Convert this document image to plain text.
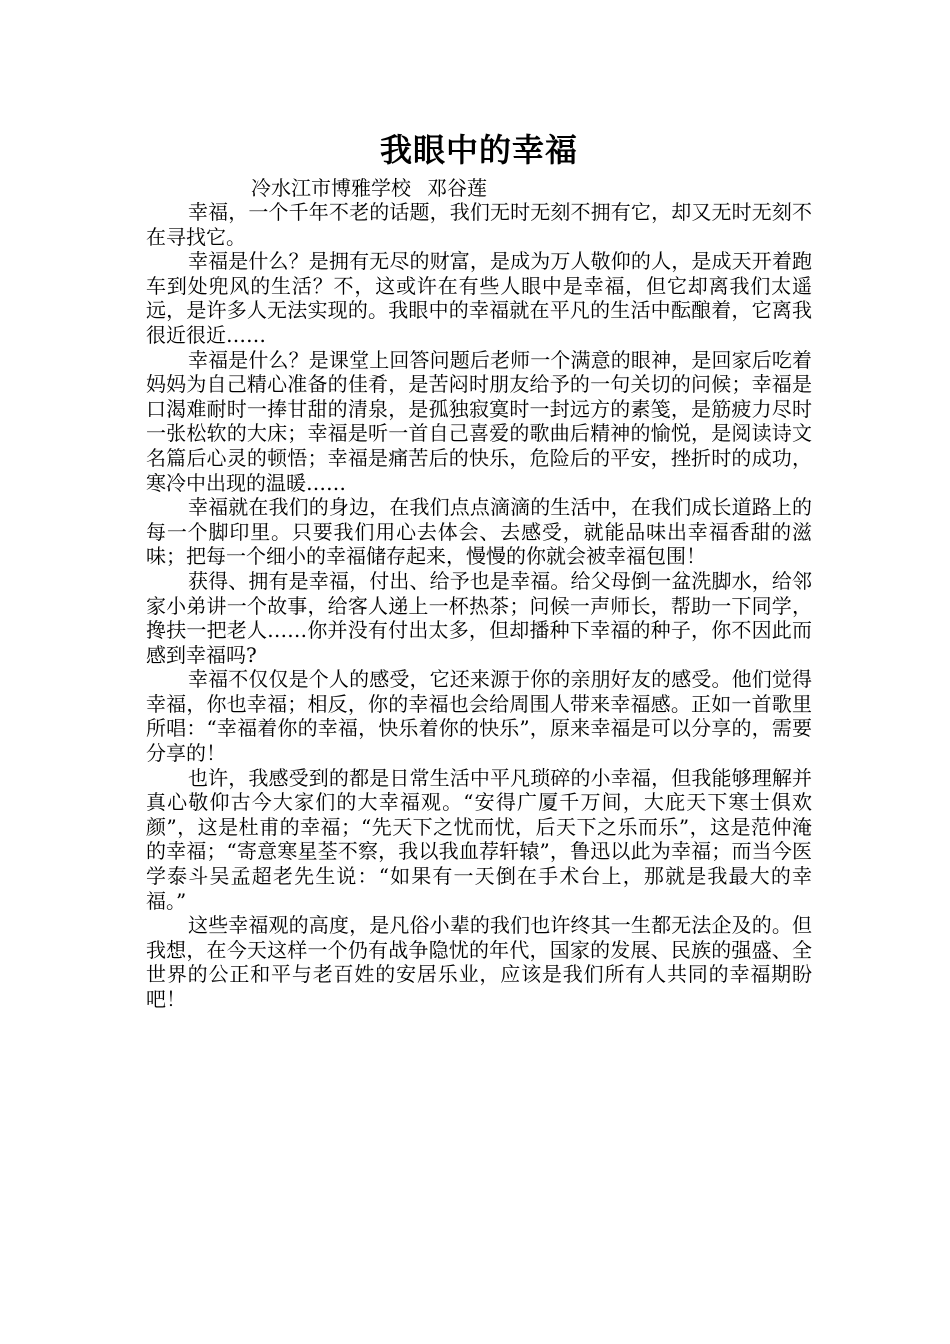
我眼中的幸福

冷水江市博雅学校 邓谷莲

幸福，一个千年不老的话题，我们无时无刻不拥有它，却又无时无刻不在寻找它。

幸福是什么？是拥有无尽的财富，是成为万人敬仰的人，是成天开着跑车到处兜风的生活？不，这或许在有些人眼中是幸福，但它却离我们太遥远，是许多人无法实现的。我眼中的幸福就在平凡的生活中酝酿着，它离我很近很近……

幸福是什么？是课堂上回答问题后老师一个满意的眼神，是回家后吃着妈妈为自己精心准备的佳肴，是苦闷时朋友给予的一句关切的问候；幸福是口渴难耐时一捧甘甜的清泉，是孤独寂寞时一封远方的素笺，是筋疲力尽时一张松软的大床；幸福是听一首自己喜爱的歌曲后精神的愉悦，是阅读诗文名篇后心灵的顿悟；幸福是痛苦后的快乐，危险后的平安，挫折时的成功，寒冷中出现的温暖……

幸福就在我们的身边，在我们点点滴滴的生活中，在我们成长道路上的每一个脚印里。只要我们用心去体会、去感受，就能品味出幸福香甜的滋味；把每一个细小的幸福储存起来，慢慢的你就会被幸福包围！

获得、拥有是幸福，付出、给予也是幸福。给父母倒一盆洗脚水，给邻家小弟讲一个故事，给客人递上一杯热茶；问候一声师长，帮助一下同学，搀扶一把老人……你并没有付出太多，但却播种下幸福的种子，你不因此而感到幸福吗?

幸福不仅仅是个人的感受，它还来源于你的亲朋好友的感受。他们觉得幸福，你也幸福；相反，你的幸福也会给周围人带来幸福感。正如一首歌里所唱：“幸福着你的幸福，快乐着你的快乐”，原来幸福是可以分享的，需要分享的！

也许，我感受到的都是日常生活中平凡琐碎的小幸福，但我能够理解并真心敬仰古今大家们的大幸福观。“安得广厦千万间，大庇天下寒士俱欢颜”，这是杜甫的幸福；“先天下之忧而忧，后天下之乐而乐”，这是范仲淹的幸福；“寄意寒星荃不察，我以我血荐轩辕”，鲁迅以此为幸福；而当今医学泰斗吴孟超老先生说：“如果有一天倒在手术台上，那就是我最大的幸福。”

这些幸福观的高度，是凡俗小辈的我们也许终其一生都无法企及的。但我想，在今天这样一个仍有战争隐忧的年代，国家的发展、民族的强盛、全世界的公正和平与老百姓的安居乐业，应该是我们所有人共同的幸福期盼吧！
